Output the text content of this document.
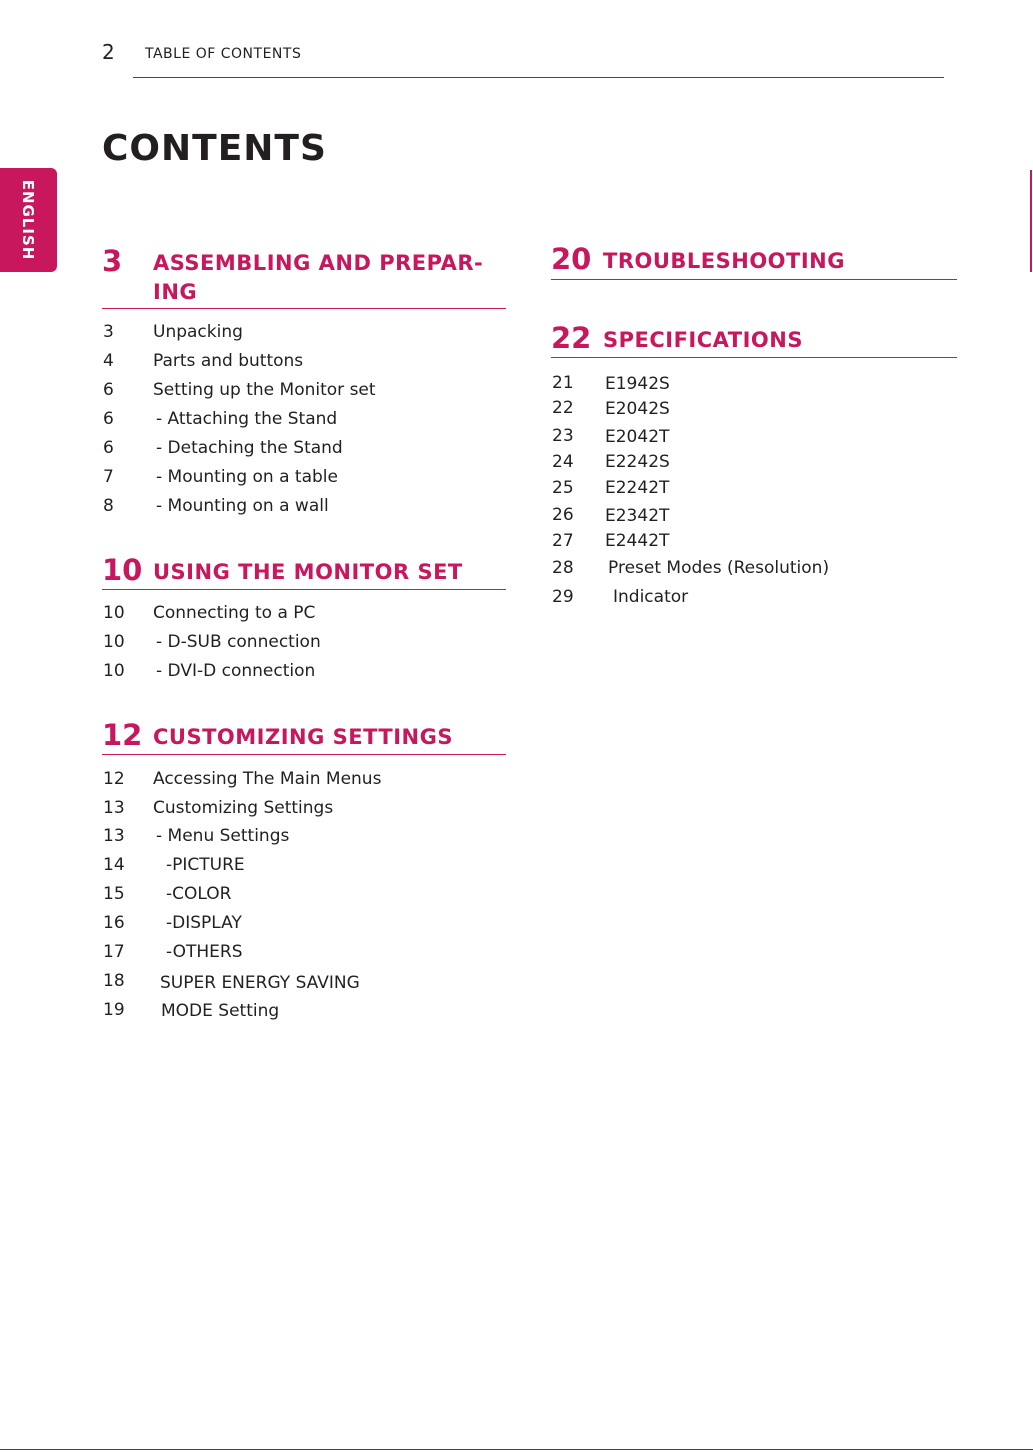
2 TABLE OF CONTENTS
CONTENTS
ENGLISH
3 ASSEMBLING AND PREPAR-
ING
3 Unpacking
4 Parts and buttons
6 Setting up the Monitor set
6 - Attaching the Stand
6 - Detaching the Stand
7 - Mounting on a table
8 - Mounting on a wall
10 USING THE MONITOR SET
10 Connecting to a PC
10 - D-SUB connection
10 - DVI-D connection
12 CUSTOMIZING SETTINGS
12 Accessing The Main Menus
13 Customizing Settings
13 - Menu Settings
14 -PICTURE
15 -COLOR
16 -DISPLAY
17 -OTHERS
18 SUPER ENERGY SAVING
19 MODE Setting
20 TROUBLESHOOTING
22 SPECIFICATIONS
21 E1942S
22 E2042S
23 E2042T
24 E2242S
25 E2242T
26 E2342T
27 E2442T
28 Preset Modes (Resolution)
29 Indicator
